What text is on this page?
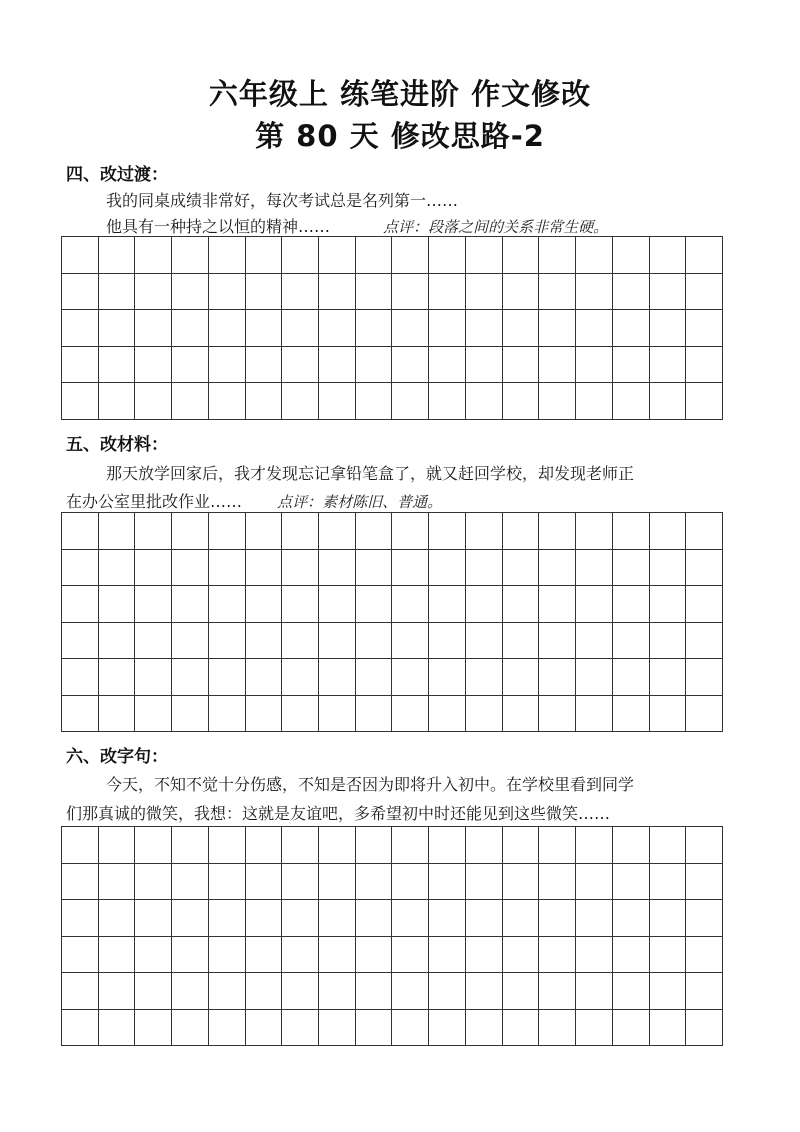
六年级上 练笔进阶 作文修改
第 80 天 修改思路-2
四、改过渡：
我的同桌成绩非常好，每次考试总是名列第一……
他具有一种持之以恒的精神……	点评：段落之间的关系非常生硬。
五、改材料：
那天放学回家后，我才发现忘记拿铅笔盒了，就又赶回学校，却发现老师正
在办公室里批改作业…… 点评：素材陈旧、普通。
六、改字句：
今天，不知不觉十分伤感，不知是否因为即将升入初中。在学校里看到同学
们那真诚的微笑，我想：这就是友谊吧，多希望初中时还能见到这些微笑……
